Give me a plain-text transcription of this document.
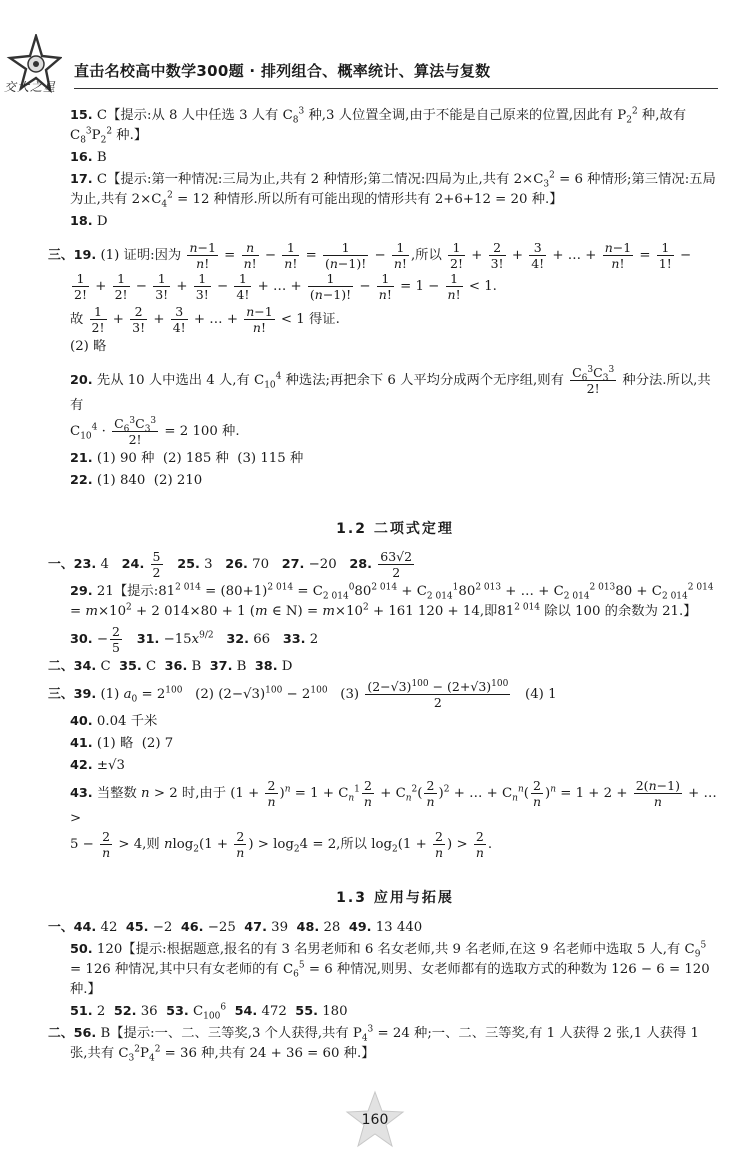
交大之星
直击名校高中数学300题 · 排列组合、概率统计、算法与复数
15. C【提示:从 8 人中任选 3 人有 $C_8^3$ 种,3 人位置全调,由于不能是自己原来的位置,因此有 $P_2^2$ 种,故有 $C_8^3P_2^2$ 种.】
16. B
17. C【提示:第一种情况:三局为止,共有 2 种情形;第二情况:四局为止,共有 $2\times C_3^2 = 6$ 种情形;第三情况:五局为止,共有 $2\times C_4^2 = 12$ 种情形.所以所有可能出现的情形共有 2+6+12 = 20 种.】
18. D
三、19. (1) 证明:因为 $\frac{n-1}{n!} = \frac{n}{n!} - \frac{1}{n!} = \frac{1}{(n-1)!} - \frac{1}{n!}$ ,所以 $\frac{1}{2!} + \frac{2}{3!} + \frac{3}{4!}$ + … + $\frac{n-1}{n!} = \frac{1}{1!}$ −

$\frac{1}{2!} + \frac{1}{2!} - \frac{1}{3!} + \frac{1}{3!} - \frac{1}{4!}$ + … + $\frac{1}{(n-1)!} - \frac{1}{n!} = 1 - \frac{1}{n!} < 1$.
故 $\frac{1}{2!} + \frac{2}{3!} + \frac{3}{4!}$ + … + $\frac{n-1}{n!} < 1$ 得证.
(2) 略
20. 先从 10 人中选出 4 人,有 $C_{10}^4$ 种选法;再把余下 6 人平均分成两个无序组,则有 $\frac{C_6^3C_3^3}{2!}$ 种分法.所以,共有
$C_{10}^4 \cdot \frac{C_6^3C_3^3}{2!} = 2$ 100 种.
21. (1) 90 种  (2) 185 种  (3) 115 种
22. (1) 840  (2) 210
1.2 二项式定理
一、23. 4   24. $\frac{5}{2} 25$. 3   26. 70   27. −20   28. $\frac{63√2}{2}$
29. 21【提示$:81^{2 014} = (80+1)^{2 014} = C_{2 014}^080^{2 014} + C_{2 014}^180^{2 013}$ + … + $C_{2 014}^{2 013}80 + C_{2 014}^{2 014} = m\times 10^2 + 2$ 014×80 + 1 (m ∈ $N) = m\times 10^2 + 161$ 120 + 14,即$81^{2 014}$ 除以 100 的余数为 21.】
30. − $\frac{2}{5} 31$. $-15x^{9/2}$ 32. 66   33. 2
二、34. C  35. C  36. B  37. B  38. D
三、39. (1) $a_0 = 2^{100}$   (2) $(2-√3)^{100} - 2^{100}$   $(3) \frac{(2-√3)^{100} - (2+√3)^{100}}{2} (4)$ 1
40. 0.04 千米
41. (1) 略  (2) 7
42. ±√3
43. 当整数 n > 2 时,由于 $(1 + \frac{2}{n} )^n = 1 + C_n^1 \frac{2}{n} + C_n^2( \frac{2}{n} )^2$ + … + $C_n^n( \frac{2}{n} )^n = 1 + 2 + \frac{2(n-1)}{n}$ + … >
$5 - \frac{2}{n} > 4$,则 $nlog_2(1 + \frac{2}{n}$ ) > $\log_24 = 2$,所以 $\log_2(1 + \frac{2}{n}$ ) > $\frac{2}{n}$ .
1.3 应用与拓展
一、44. 42  45. −2  46. −25  47. 39  48. 28  49. 13 440
50. 120【提示:根据题意,报名的有 3 名男老师和 6 名女老师,共 9 名老师,在这 9 名老师中选取 5 人,有 $C_9^5 = 126$ 种情况,其中只有女老师的有 $C_6^5 = 6$ 种情况,则男、女老师都有的选取方式的种数为 126 − 6 = 120 种.】
51. 2  52. 36  53. $C_{100}^6$ 54. 472  55. 180
二、56. B【提示:一、二、三等奖,3 个人获得,共有 $P_4^3 = 24$ 种;一、二、三等奖,有 1 人获得 2 张,1 人获得 1 张,共有 $C_3^2P_4^2 = 36$ 种,共有 24 + 36 = 60 种.】
160
